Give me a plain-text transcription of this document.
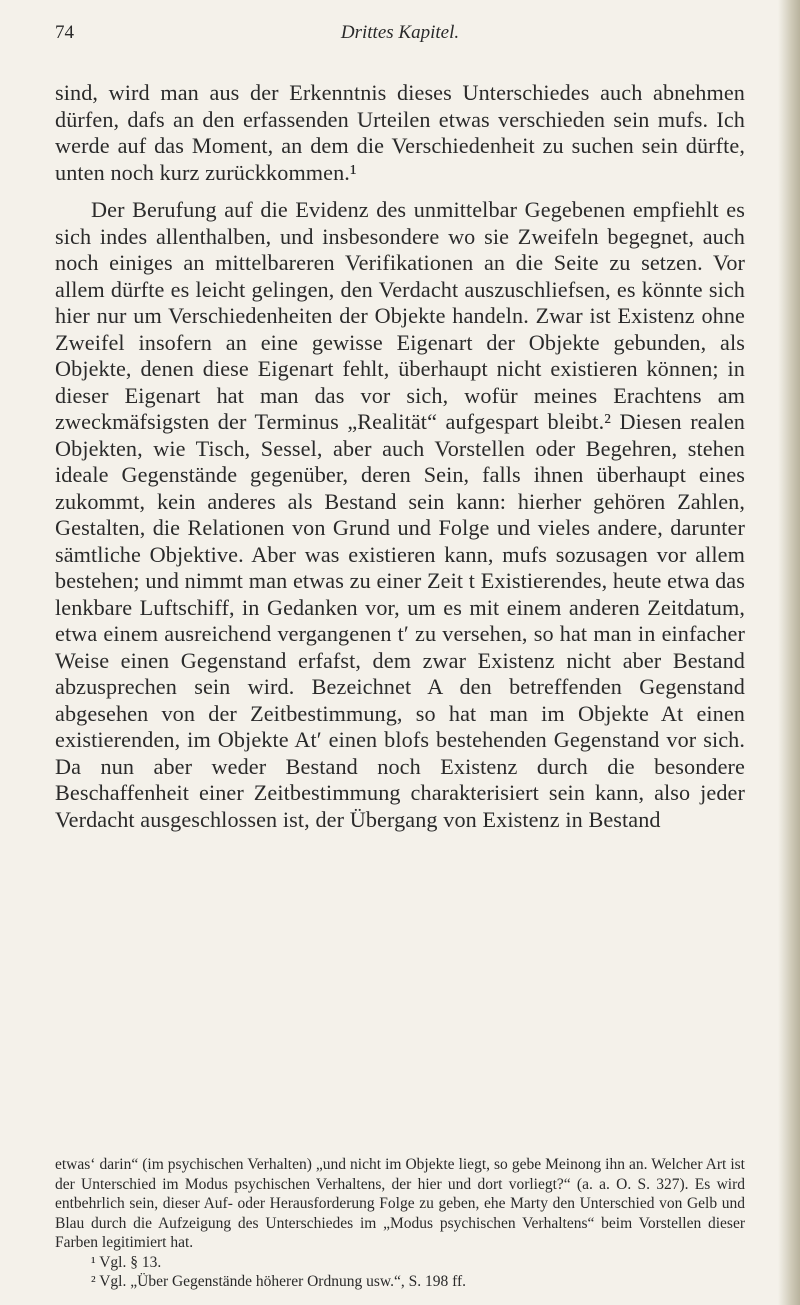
74	Drittes Kapitel.

sind, wird man aus der Erkenntnis dieses Unterschiedes auch abnehmen dürfen, dafs an den erfassenden Urteilen etwas verschieden sein mufs. Ich werde auf das Moment, an dem die Verschiedenheit zu suchen sein dürfte, unten noch kurz zurückkommen.¹

Der Berufung auf die Evidenz des unmittelbar Gegebenen empfiehlt es sich indes allenthalben, und insbesondere wo sie Zweifeln begegnet, auch noch einiges an mittelbareren Verifikationen an die Seite zu setzen. Vor allem dürfte es leicht gelingen, den Verdacht auszuschliefsen, es könnte sich hier nur um Verschiedenheiten der Objekte handeln. Zwar ist Existenz ohne Zweifel insofern an eine gewisse Eigenart der Objekte gebunden, als Objekte, denen diese Eigenart fehlt, überhaupt nicht existieren können; in dieser Eigenart hat man das vor sich, wofür meines Erachtens am zweckmäfsigsten der Terminus „Realität“ aufgespart bleibt.² Diesen realen Objekten, wie Tisch, Sessel, aber auch Vorstellen oder Begehren, stehen ideale Gegenstände gegenüber, deren Sein, falls ihnen überhaupt eines zukommt, kein anderes als Bestand sein kann: hierher gehören Zahlen, Gestalten, die Relationen von Grund und Folge und vieles andere, darunter sämtliche Objektive. Aber was existieren kann, mufs sozusagen vor allem bestehen; und nimmt man etwas zu einer Zeit t Existierendes, heute etwa das lenkbare Luftschiff, in Gedanken vor, um es mit einem anderen Zeitdatum, etwa einem ausreichend vergangenen t′ zu versehen, so hat man in einfacher Weise einen Gegenstand erfafst, dem zwar Existenz nicht aber Bestand abzusprechen sein wird. Bezeichnet A den betreffenden Gegenstand abgesehen von der Zeitbestimmung, so hat man im Objekte At einen existierenden, im Objekte At′ einen blofs bestehenden Gegenstand vor sich. Da nun aber weder Bestand noch Existenz durch die besondere Beschaffenheit einer Zeitbestimmung charakterisiert sein kann, also jeder Verdacht ausgeschlossen ist, der Übergang von Existenz in Bestand

etwas‘ darin“ (im psychischen Verhalten) „und nicht im Objekte liegt, so gebe Meinong ihn an. Welcher Art ist der Unterschied im Modus psychischen Verhaltens, der hier und dort vorliegt?“ (a. a. O. S. 327). Es wird entbehrlich sein, dieser Auf- oder Herausforderung Folge zu geben, ehe Marty den Unterschied von Gelb und Blau durch die Aufzeigung des Unterschiedes im „Modus psychischen Verhaltens“ beim Vorstellen dieser Farben legitimiert hat.

¹ Vgl. § 13.

² Vgl. „Über Gegenstände höherer Ordnung usw.“, S. 198 ff.
